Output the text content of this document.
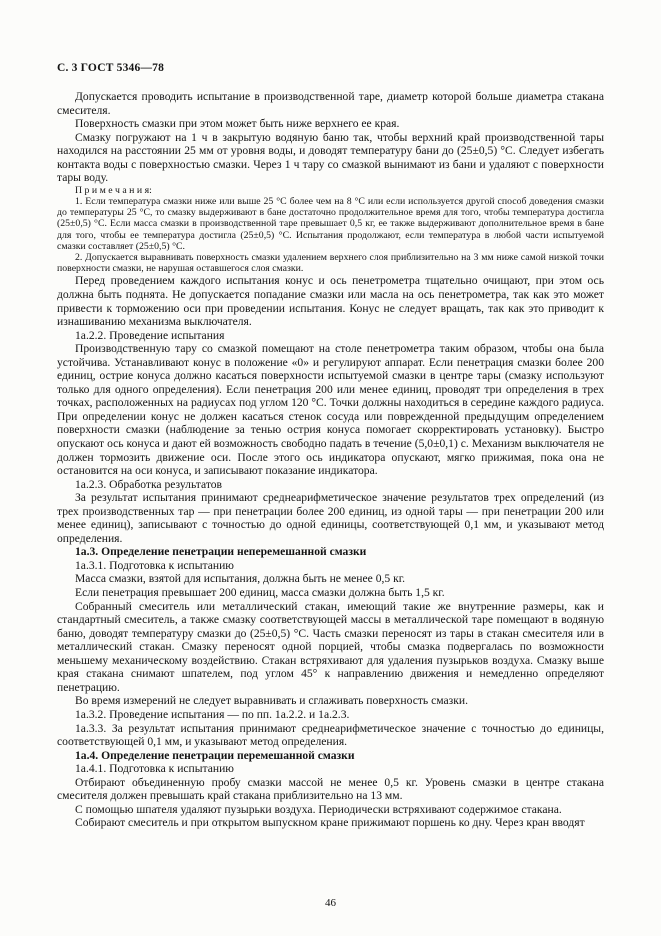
С. 3 ГОСТ 5346—78

Допускается проводить испытание в производственной таре, диаметр которой больше диаметра стакана смесителя.

Поверхность смазки при этом может быть ниже верхнего ее края.

Смазку погружают на 1 ч в закрытую водяную баню так, чтобы верхний край производственной тары находился на расстоянии 25 мм от уровня воды, и доводят температуру бани до (25±0,5) °С. Следует избегать контакта воды с поверхностью смазки. Через 1 ч тару со смазкой вынимают из бани и удаляют с поверхности тары воду.

П р и м е ч а н и я:

1. Если температура смазки ниже или выше 25 °С более чем на 8 °С или если используется другой способ доведения смазки до температуры 25 °С, то смазку выдерживают в бане достаточно продолжительное время для того, чтобы температура достигла (25±0,5) °С. Если масса смазки в производственной таре превышает 0,5 кг, ее также выдерживают дополнительное время в бане для того, чтобы ее температура достигла (25±0,5) °С. Испытания продолжают, если температура в любой части испытуемой смазки составляет (25±0,5) °С.

2. Допускается выравнивать поверхность смазки удалением верхнего слоя приблизительно на 3 мм ниже самой низкой точки поверхности смазки, не нарушая оставшегося слоя смазки.

Перед проведением каждого испытания конус и ось пенетрометра тщательно очищают, при этом ось должна быть поднята. Не допускается попадание смазки или масла на ось пенетрометра, так как это может привести к торможению оси при проведении испытания. Конус не следует вращать, так как это приводит к изнашиванию механизма выключателя.

1а.2.2. Проведение испытания

Производственную тару со смазкой помещают на столе пенетрометра таким образом, чтобы она была устойчива. Устанавливают конус в положение «0» и регулируют аппарат. Если пенетрация смазки более 200 единиц, острие конуса должно касаться поверхности испытуемой смазки в центре тары (смазку используют только для одного определения). Если пенетрация 200 или менее единиц, проводят три определения в трех точках, расположенных на радиусах под углом 120 °С. Точки должны находиться в середине каждого радиуса. При определении конус не должен касаться стенок сосуда или поврежденной предыдущим определением поверхности смазки (наблюдение за тенью острия конуса помогает скорректировать установку). Быстро опускают ось конуса и дают ей возможность свободно падать в течение (5,0±0,1) с. Механизм выключателя не должен тормозить движение оси. После этого ось индикатора опускают, мягко прижимая, пока она не остановится на оси конуса, и записывают показание индикатора.

1а.2.3. Обработка результатов

За результат испытания принимают среднеарифметическое значение результатов трех определений (из трех производственных тар — при пенетрации более 200 единиц, из одной тары — при пенетрации 200 или менее единиц), записывают с точностью до одной единицы, соответствующей 0,1 мм, и указывают метод определения.

1а.3. Определение пенетрации неперемешанной смазки

1а.3.1. Подготовка к испытанию

Масса смазки, взятой для испытания, должна быть не менее 0,5 кг.

Если пенетрация превышает 200 единиц, масса смазки должна быть 1,5 кг.

Собранный смеситель или металлический стакан, имеющий такие же внутренние размеры, как и стандартный смеситель, а также смазку соответствующей массы в металлической таре помещают в водяную баню, доводят температуру смазки до (25±0,5) °С. Часть смазки переносят из тары в стакан смесителя или в металлический стакан. Смазку переносят одной порцией, чтобы смазка подвергалась по возможности меньшему механическому воздействию. Стакан встряхивают для удаления пузырьков воздуха. Смазку выше края стакана снимают шпателем, под углом 45° к направлению движения и немедленно определяют пенетрацию.

Во время измерений не следует выравнивать и сглаживать поверхность смазки.

1а.3.2. Проведение испытания — по пп. 1а.2.2. и 1а.2.3.

1а.3.3. За результат испытания принимают среднеарифметическое значение с точностью до единицы, соответствующей 0,1 мм, и указывают метод определения.

1а.4. Определение пенетрации перемешанной смазки

1а.4.1. Подготовка к испытанию

Отбирают объединенную пробу смазки массой не менее 0,5 кг. Уровень смазки в центре стакана смесителя должен превышать край стакана приблизительно на 13 мм.

С помощью шпателя удаляют пузырьки воздуха. Периодически встряхивают содержимое стакана.

Собирают смеситель и при открытом выпускном кране прижимают поршень ко дну. Через кран вводят

46
